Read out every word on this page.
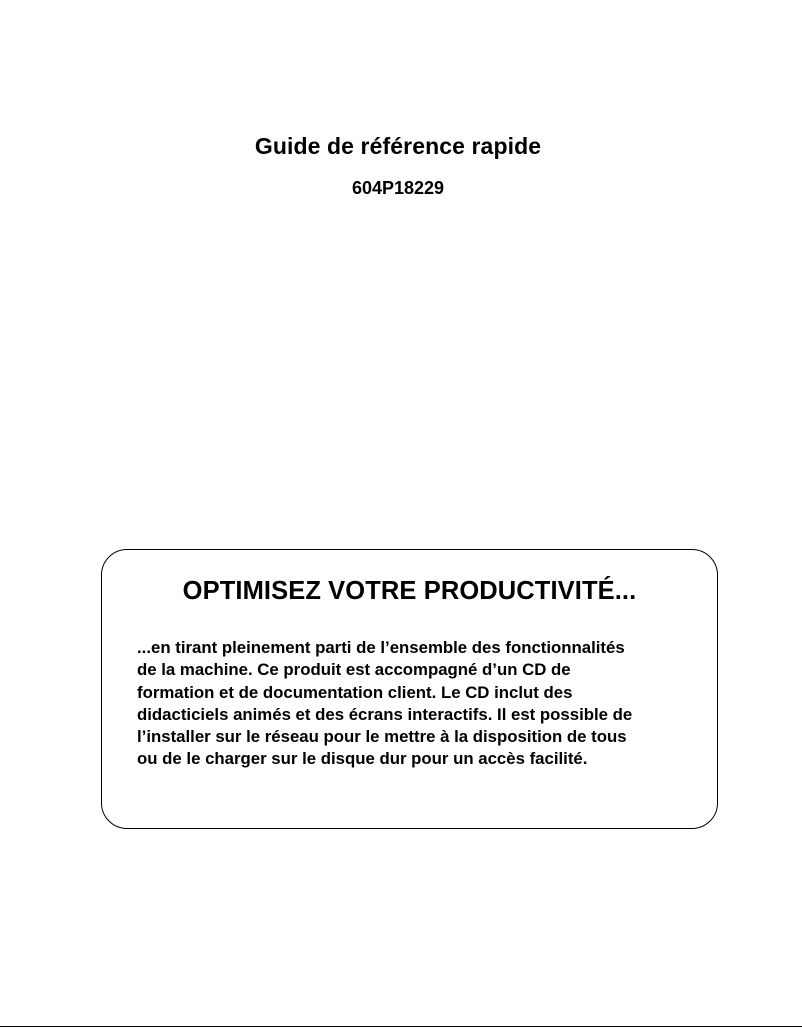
Guide de référence rapide
604P18229
OPTIMISEZ VOTRE PRODUCTIVITÉ...
...en tirant pleinement parti de l’ensemble des fonctionnalités
de la machine. Ce produit est accompagné d’un CD de
formation et de documentation client. Le CD inclut des
didacticiels animés et des écrans interactifs. Il est possible de
l’installer sur le réseau pour le mettre à la disposition de tous
ou de le charger sur le disque dur pour un accès facilité.
